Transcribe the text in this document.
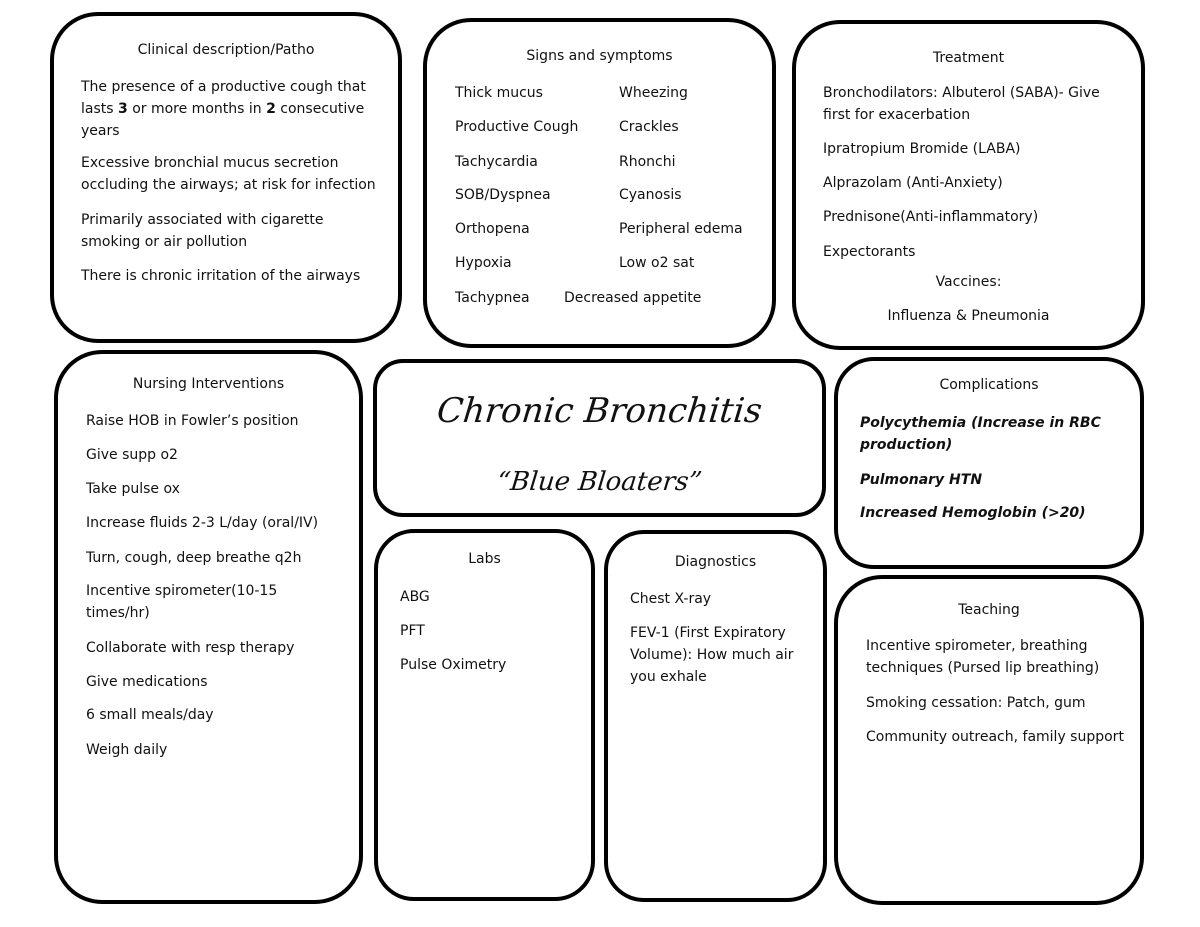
Clinical description/Patho
The presence of a productive cough that lasts 3 or more months in 2 consecutive years
Excessive bronchial mucus secretion occluding the airways; at risk for infection
Primarily associated with cigarette smoking or air pollution
There is chronic irritation of the airways
Signs and symptoms
Thick mucus
Productive Cough
Tachycardia
SOB/Dyspnea
Orthopena
Hypoxia
Tachypnea
Wheezing
Crackles
Rhonchi
Cyanosis
Peripheral edema
Low o2 sat
Decreased appetite
Treatment
Bronchodilators: Albuterol (SABA)- Give first for exacerbation
Ipratropium Bromide (LABA)
Alprazolam (Anti-Anxiety)
Prednisone(Anti-inflammatory)
Expectorants
Vaccines:
Influenza & Pneumonia
Nursing Interventions
Raise HOB in Fowler’s position
Give supp o2
Take pulse ox
Increase fluids 2-3 L/day (oral/IV)
Turn, cough, deep breathe q2h
Incentive spirometer(10-15 times/hr)
Collaborate with resp therapy
Give medications
6 small meals/day
Weigh daily
Chronic Bronchitis
“Blue Bloaters”
Complications
Polycythemia (Increase in RBC production)
Pulmonary HTN
Increased Hemoglobin (>20)
Labs
ABG
PFT
Pulse Oximetry
Diagnostics
Chest X-ray
FEV-1 (First Expiratory Volume): How much air you exhale
Teaching
Incentive spirometer, breathing techniques (Pursed lip breathing)
Smoking cessation: Patch, gum
Community outreach, family support
